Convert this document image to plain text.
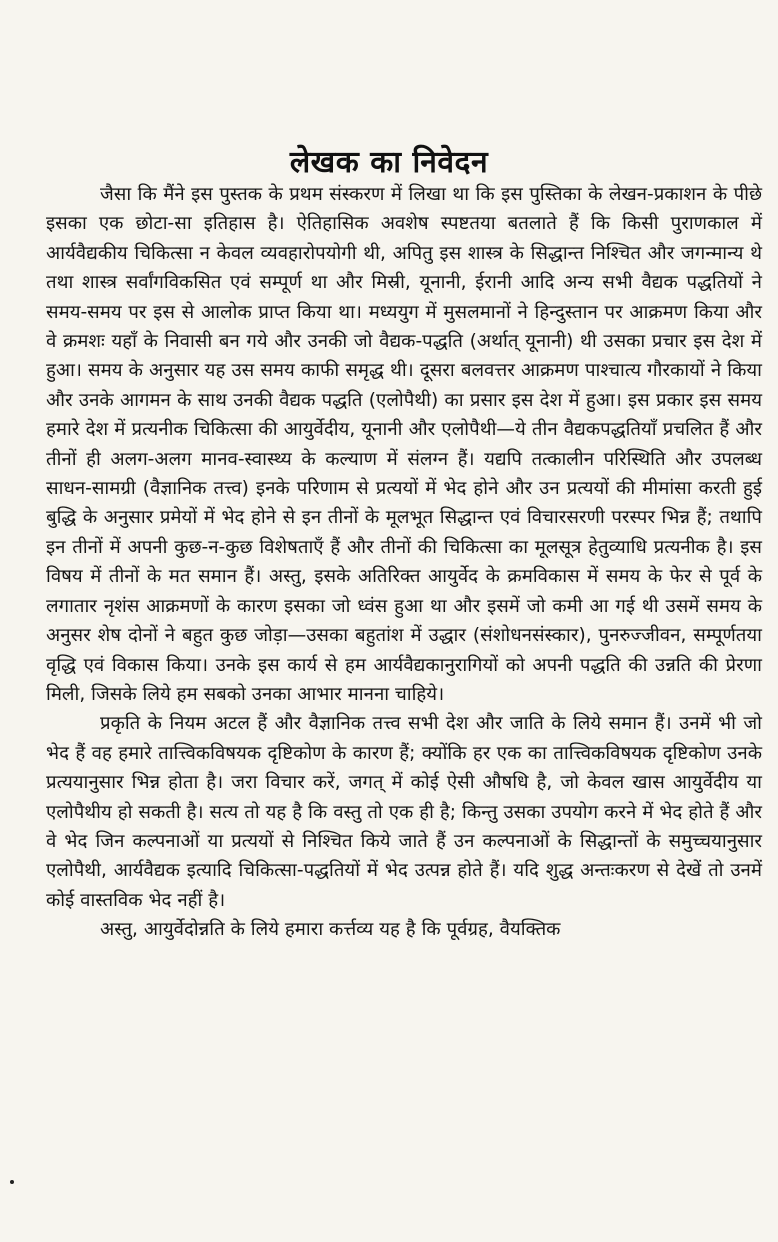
लेखक का निवेदन

जैसा कि मैंने इस पुस्तक के प्रथम संस्करण में लिखा था कि इस पुस्तिका के लेखन-प्रकाशन के पीछे इसका एक छोटा-सा इतिहास है। ऐतिहासिक अवशेष स्पष्टतया बतलाते हैं कि किसी पुराणकाल में आर्यवैद्यकीय चिकित्सा न केवल व्यवहारोपयोगी थी, अपितु इस शास्त्र के सिद्धान्त निश्चित और जगन्मान्य थे तथा शास्त्र सर्वांगविकसित एवं सम्पूर्ण था और मिस्री, यूनानी, ईरानी आदि अन्य सभी वैद्यक पद्धतियों ने समय-समय पर इस से आलोक प्राप्त किया था। मध्ययुग में मुसलमानों ने हिन्दुस्तान पर आक्रमण किया और वे क्रमशः यहाँ के निवासी बन गये और उनकी जो वैद्यक-पद्धति (अर्थात् यूनानी) थी उसका प्रचार इस देश में हुआ। समय के अनुसार यह उस समय काफी समृद्ध थी। दूसरा बलवत्तर आक्रमण पाश्चात्य गौरकायों ने किया और उनके आगमन के साथ उनकी वैद्यक पद्धति (एलोपैथी) का प्रसार इस देश में हुआ। इस प्रकार इस समय हमारे देश में प्रत्यनीक चिकित्सा की आयुर्वेदीय, यूनानी और एलोपैथी—ये तीन वैद्यकपद्धतियाँ प्रचलित हैं और तीनों ही अलग-अलग मानव-स्वास्थ्य के कल्याण में संलग्न हैं। यद्यपि तत्कालीन परिस्थिति और उपलब्ध साधन-सामग्री (वैज्ञानिक तत्त्व) इनके परिणाम से प्रत्ययों में भेद होने और उन प्रत्ययों की मीमांसा करती हुई बुद्धि के अनुसार प्रमेयों में भेद होने से इन तीनों के मूलभूत सिद्धान्त एवं विचारसरणी परस्पर भिन्न हैं; तथापि इन तीनों में अपनी कुछ-न-कुछ विशेषताएँ हैं और तीनों की चिकित्सा का मूलसूत्र हेतुव्याधि प्रत्यनीक है। इस विषय में तीनों के मत समान हैं। अस्तु, इसके अतिरिक्त आयुर्वेद के क्रमविकास में समय के फेर से पूर्व के लगातार नृशंस आक्रमणों के कारण इसका जो ध्वंस हुआ था और इसमें जो कमी आ गई थी उसमें समय के अनुसर शेष दोनों ने बहुत कुछ जोड़ा—उसका बहुतांश में उद्धार (संशोधनसंस्कार), पुनरुज्जीवन, सम्पूर्णतया वृद्धि एवं विकास किया। उनके इस कार्य से हम आर्यवैद्यकानुरागियों को अपनी पद्धति की उन्नति की प्रेरणा मिली, जिसके लिये हम सबको उनका आभार मानना चाहिये।

प्रकृति के नियम अटल हैं और वैज्ञानिक तत्त्व सभी देश और जाति के लिये समान हैं। उनमें भी जो भेद हैं वह हमारे तात्त्विकविषयक दृष्टिकोण के कारण हैं; क्योंकि हर एक का तात्त्विकविषयक दृष्टिकोण उनके प्रत्ययानुसार भिन्न होता है। जरा विचार करें, जगत् में कोई ऐसी औषधि है, जो केवल खास आयुर्वेदीय या एलोपैथीय हो सकती है। सत्य तो यह है कि वस्तु तो एक ही है; किन्तु उसका उपयोग करने में भेद होते हैं और वे भेद जिन कल्पनाओं या प्रत्ययों से निश्चित किये जाते हैं उन कल्पनाओं के सिद्धान्तों के समुच्चयानुसार एलोपैथी, आर्यवैद्यक इत्यादि चिकित्सा-पद्धतियों में भेद उत्पन्न होते हैं। यदि शुद्ध अन्तःकरण से देखें तो उनमें कोई वास्तविक भेद नहीं है।

अस्तु, आयुर्वेदोन्नति के लिये हमारा कर्त्तव्य यह है कि पूर्वग्रह, वैयक्तिक
